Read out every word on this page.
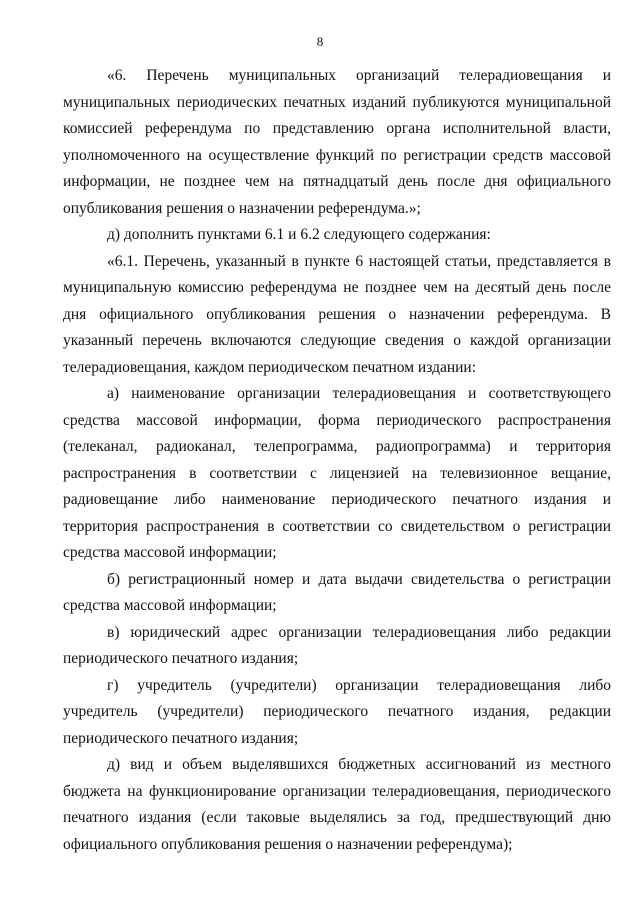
8

«6. Перечень муниципальных организаций телерадиовещания и муниципальных периодических печатных изданий публикуются муниципальной комиссией референдума по представлению органа исполнительной власти, уполномоченного на осуществление функций по регистрации средств массовой информации, не позднее чем на пятнадцатый день после дня официального опубликования решения о назначении референдума.»;

д) дополнить пунктами 6.1 и 6.2 следующего содержания:

«6.1. Перечень, указанный в пункте 6 настоящей статьи, представляется в муниципальную комиссию референдума не позднее чем на десятый день после дня официального опубликования решения о назначении референдума. В указанный перечень включаются следующие сведения о каждой организации телерадиовещания, каждом периодическом печатном издании:

а) наименование организации телерадиовещания и соответствующего средства массовой информации, форма периодического распространения (телеканал, радиоканал, телепрограмма, радиопрограмма) и территория распространения в соответствии с лицензией на телевизионное вещание, радиовещание либо наименование периодического печатного издания и территория распространения в соответствии со свидетельством о регистрации средства массовой информации;

б) регистрационный номер и дата выдачи свидетельства о регистрации средства массовой информации;

в) юридический адрес организации телерадиовещания либо редакции периодического печатного издания;

г) учредитель (учредители) организации телерадиовещания либо учредитель (учредители) периодического печатного издания, редакции периодического печатного издания;

д) вид и объем выделявшихся бюджетных ассигнований из местного бюджета на функционирование организации телерадиовещания, периодического печатного издания (если таковые выделялись за год, предшествующий дню официального опубликования решения о назначении референдума);
